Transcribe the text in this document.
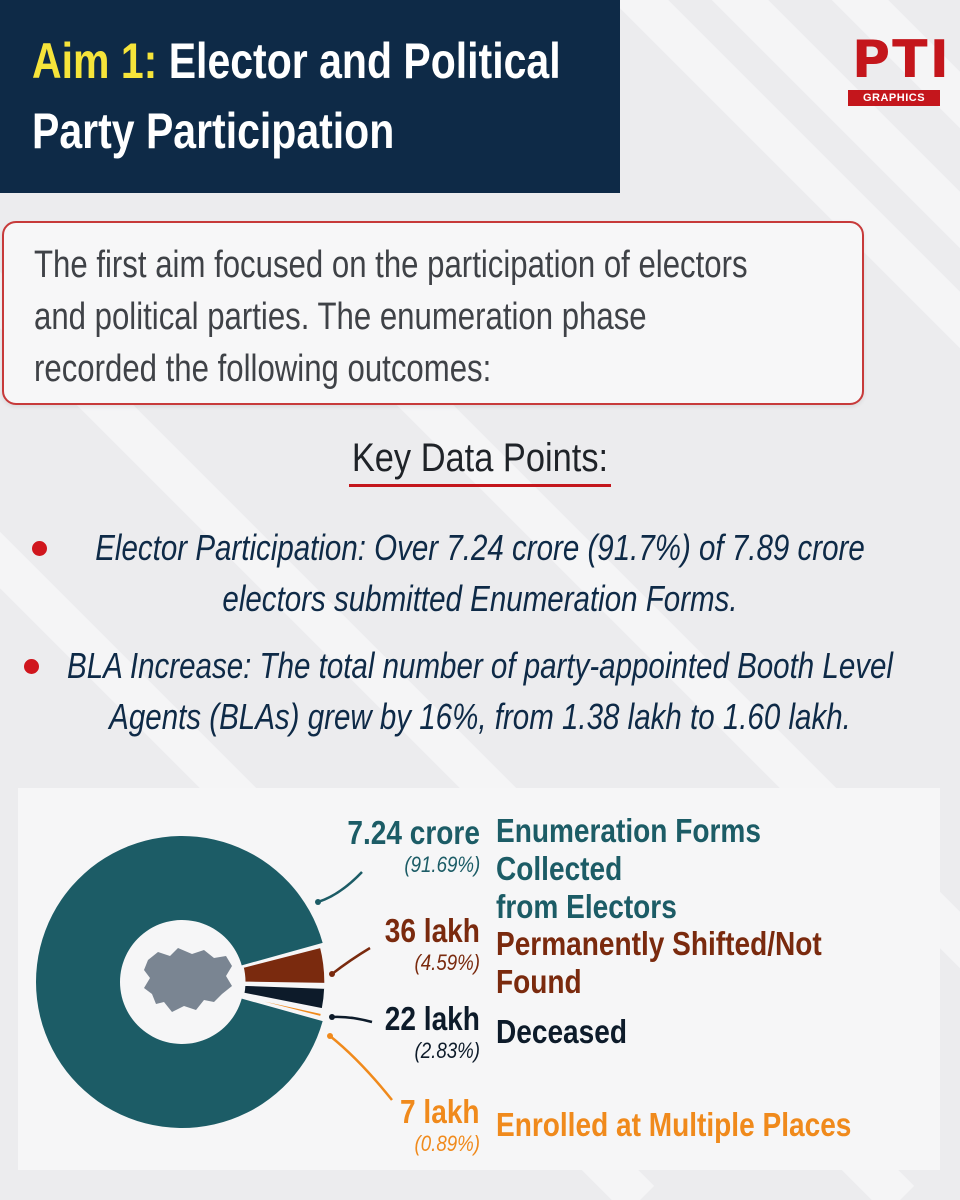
Aim 1: Elector and Political
Party Participation
PTI
GRAPHICS

The first aim focused on the participation of electors
and political parties. The enumeration phase
recorded the following outcomes:

Key Data Points:
Elector Participation: Over 7.24 crore (91.7%) of 7.89 crore
electors submitted Enumeration Forms.
BLA Increase: The total number of party-appointed Booth Level
Agents (BLAs) grew by 16%, from 1.38 lakh to 1.60 lakh.
7.24 crore
(91.69%)
Enumeration Forms Collected
from Electors
36 lakh
(4.59%)
Permanently Shifted/Not Found
22 lakh
(2.83%)
Deceased
7 lakh
(0.89%)
Enrolled at Multiple Places
